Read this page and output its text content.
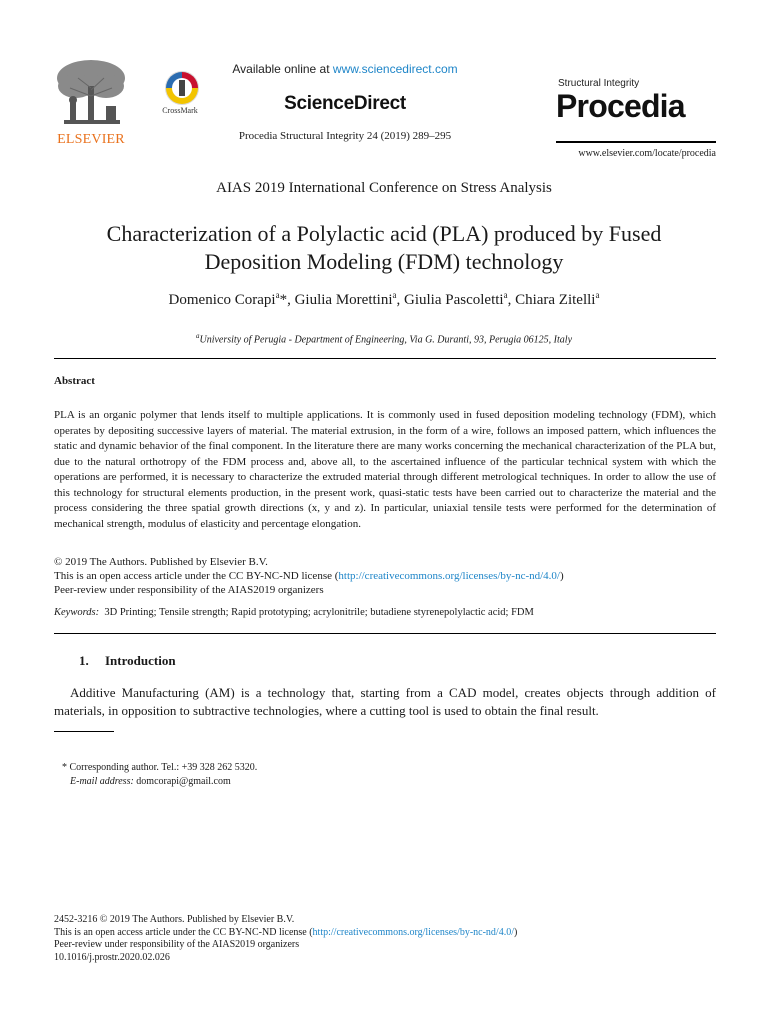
ELSEVIER
CrossMark
Available online at www.sciencedirect.com
ScienceDirect
Procedia Structural Integrity 24 (2019) 289–295
Structural Integrity
Procedia
www.elsevier.com/locate/procedia
AIAS 2019 International Conference on Stress Analysis
Characterization of a Polylactic acid (PLA) produced by Fused
Deposition Modeling (FDM) technology
Domenico Corapi$^a$*, Giulia Morettini$^a$, Giulia Pascoletti$^a$, Chiara Zitelli$^a$
$^a$University of Perugia - Department of Engineering, Via G. Duranti, 93, Perugia 06125, Italy
Abstract
PLA is an organic polymer that lends itself to multiple applications. It is commonly used in fused deposition modeling technology (FDM), which operates by depositing successive layers of material. The material extrusion, in the form of a wire, follows an imposed pattern, which influences the static and dynamic behavior of the final component. In the literature there are many works concerning the mechanical characterization of the PLA but, due to the natural orthotropy of the FDM process and, above all, to the ascertained influence of the particular technical system with which the operations are performed, it is necessary to characterize the extruded material through different metrological techniques. In order to allow the use of this technology for structural elements production, in the present work, quasi-static tests have been carried out to characterize the material and the process considering the three spatial growth directions (x, y and z). In particular, uniaxial tensile tests were performed for the determination of mechanical strength, modulus of elasticity and percentage elongation.
© 2019 The Authors. Published by Elsevier B.V.
This is an open access article under the CC BY-NC-ND license (http://creativecommons.org/licenses/by-nc-nd/4.0/)
Peer-review under responsibility of the AIAS2019 organizers
Keywords: 3D Printing; Tensile strength; Rapid prototyping; acrylonitrile; butadiene styrenepolylactic acid; FDM
1. Introduction
Additive Manufacturing (AM) is a technology that, starting from a CAD model, creates objects through addition of materials, in opposition to subtractive technologies, where a cutting tool is used to obtain the final result.
* Corresponding author. Tel.: +39 328 262 5320.
E-mail address: domcorapi@gmail.com
2452-3216 © 2019 The Authors. Published by Elsevier B.V.
This is an open access article under the CC BY-NC-ND license (http://creativecommons.org/licenses/by-nc-nd/4.0/)
Peer-review under responsibility of the AIAS2019 organizers
10.1016/j.prostr.2020.02.026
